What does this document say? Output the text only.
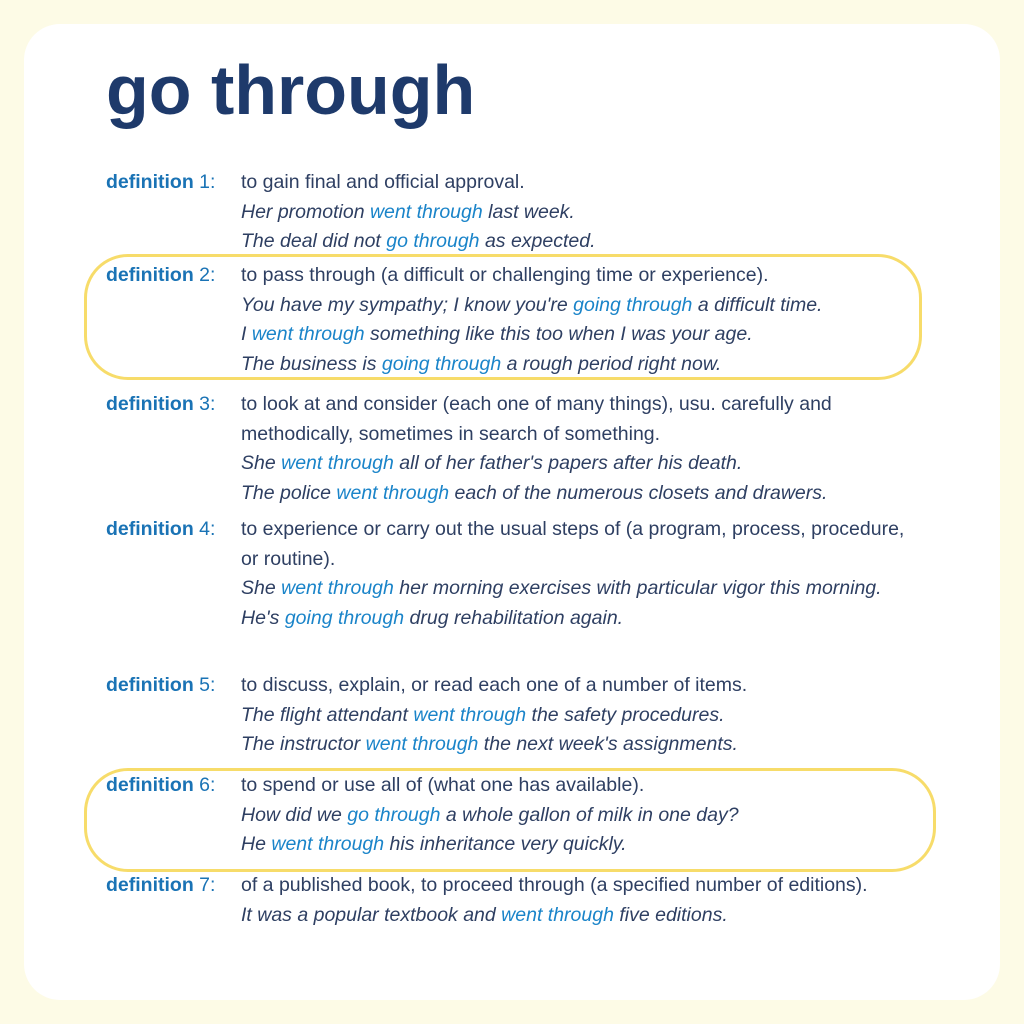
go through
definition 1:	to gain final and official approval.
Her promotion went through last week.
The deal did not go through as expected.
definition 2:	to pass through (a difficult or challenging time or experience).
You have my sympathy; I know you're going through a difficult time.
I went through something like this too when I was your age.
The business is going through a rough period right now.
definition 3:	to look at and consider (each one of many things), usu. carefully and methodically, sometimes in search of something.
She went through all of her father's papers after his death.
The police went through each of the numerous closets and drawers.
definition 4:	to experience or carry out the usual steps of (a program, process, procedure, or routine).
She went through her morning exercises with particular vigor this morning.
He's going through drug rehabilitation again.
definition 5:	to discuss, explain, or read each one of a number of items.
The flight attendant went through the safety procedures.
The instructor went through the next week's assignments.
definition 6:	to spend or use all of (what one has available).
How did we go through a whole gallon of milk in one day?
He went through his inheritance very quickly.
definition 7:	of a published book, to proceed through (a specified number of editions).
It was a popular textbook and went through five editions.
